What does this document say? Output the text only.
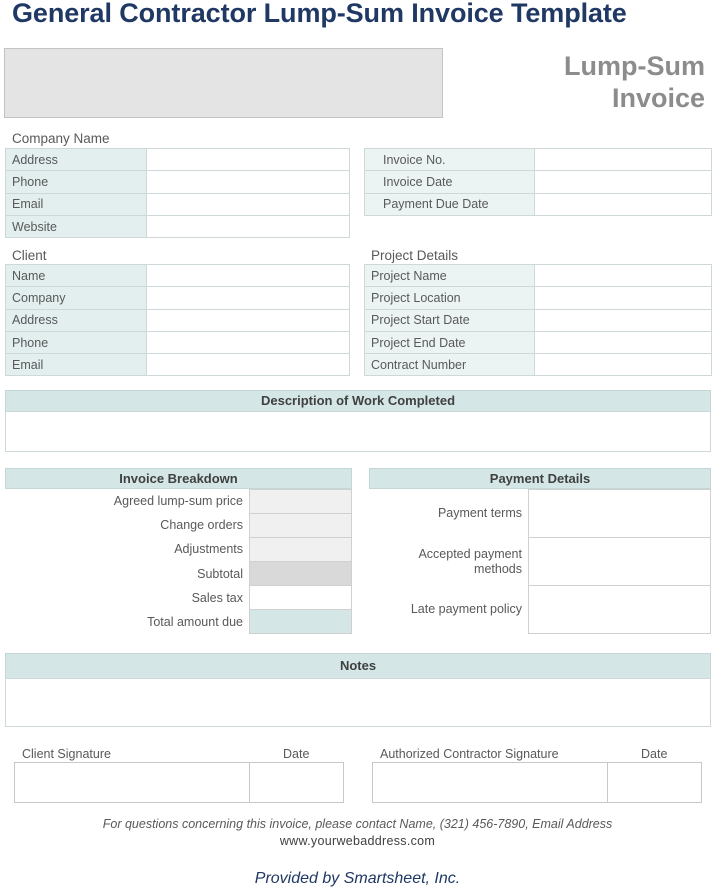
General Contractor Lump-Sum Invoice Template
Lump-Sum
Invoice
Company Name
Address	
Phone	
Email	
Website	
Invoice No.	
Invoice Date	
Payment Due Date	
Client
Name	
Company	
Address	
Phone	
Email	
Project Details
Project Name	
Project Location	
Project Start Date	
Project End Date	
Contract Number	
Description of Work Completed
Invoice Breakdown
Agreed lump-sum price
Change orders
Adjustments
Subtotal
Sales tax
Total amount due
Payment Details
Payment terms
Accepted payment methods
Late payment policy
Notes
Client Signature	Date	Authorized Contractor Signature	Date
For questions concerning this invoice, please contact Name, (321) 456-7890, Email Address
www.yourwebaddress.com
Provided by Smartsheet, Inc.
